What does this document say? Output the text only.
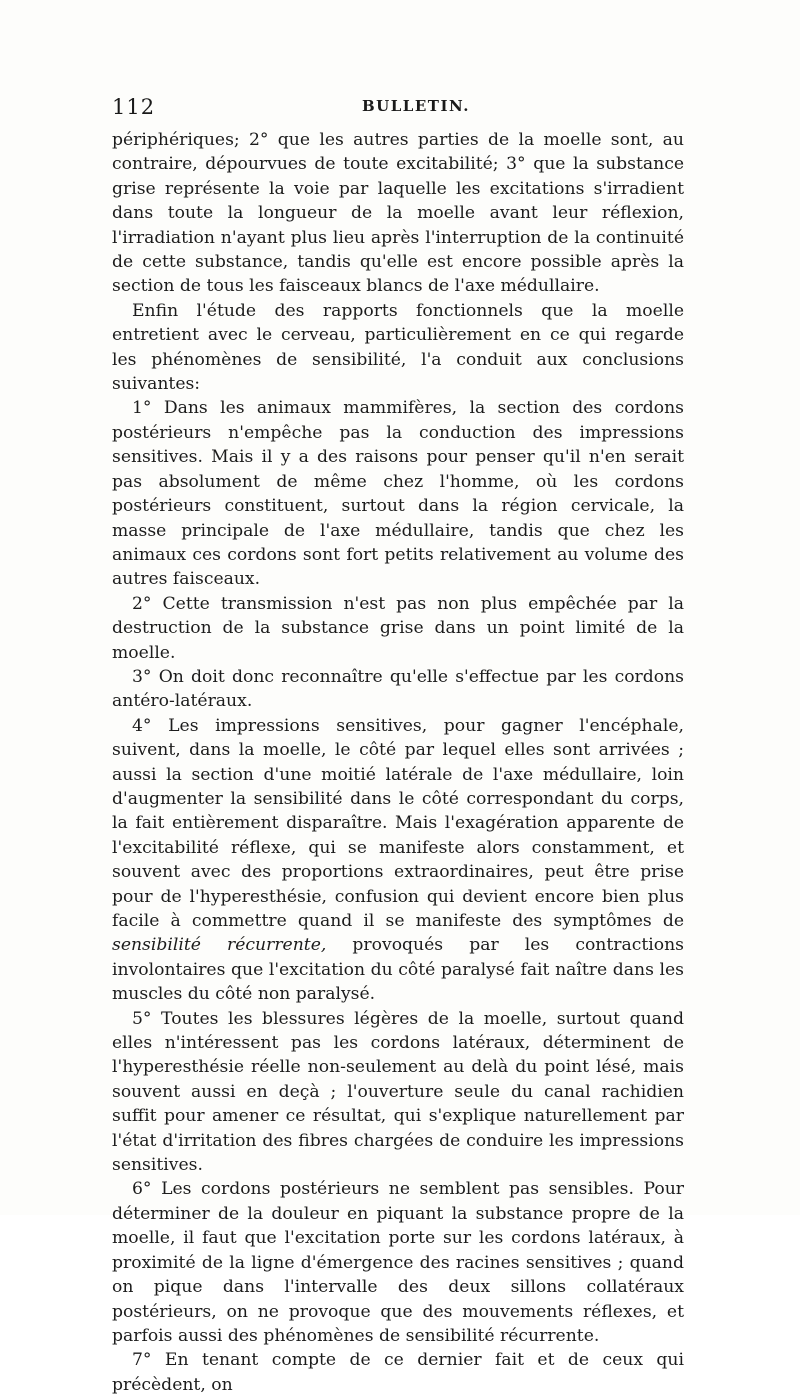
112	BULLETIN.

périphériques; 2° que les autres parties de la moelle sont, au contraire, dépourvues de toute excitabilité; 3° que la substance grise représente la voie par laquelle les excitations s'irradient dans toute la longueur de la moelle avant leur réflexion, l'irradiation n'ayant plus lieu après l'interruption de la continuité de cette substance, tandis qu'elle est encore possible après la section de tous les faisceaux blancs de l'axe médullaire.

Enfin l'étude des rapports fonctionnels que la moelle entretient avec le cerveau, particulièrement en ce qui regarde les phénomènes de sensibilité, l'a conduit aux conclusions suivantes:

1° Dans les animaux mammifères, la section des cordons postérieurs n'empêche pas la conduction des impressions sensitives. Mais il y a des raisons pour penser qu'il n'en serait pas absolument de même chez l'homme, où les cordons postérieurs constituent, surtout dans la région cervicale, la masse principale de l'axe médullaire, tandis que chez les animaux ces cordons sont fort petits relativement au volume des autres faisceaux.

2° Cette transmission n'est pas non plus empêchée par la destruction de la substance grise dans un point limité de la moelle.

3° On doit donc reconnaître qu'elle s'effectue par les cordons antéro-latéraux.

4° Les impressions sensitives, pour gagner l'encéphale, suivent, dans la moelle, le côté par lequel elles sont arrivées ; aussi la section d'une moitié latérale de l'axe médullaire, loin d'augmenter la sensibilité dans le côté correspondant du corps, la fait entièrement disparaître. Mais l'exagération apparente de l'excitabilité réflexe, qui se manifeste alors constamment, et souvent avec des proportions extraordinaires, peut être prise pour de l'hyperesthésie, confusion qui devient encore bien plus facile à commettre quand il se manifeste des symptômes de sensibilité récurrente, provoqués par les contractions involontaires que l'excitation du côté paralysé fait naître dans les muscles du côté non paralysé.

5° Toutes les blessures légères de la moelle, surtout quand elles n'intéressent pas les cordons latéraux, déterminent de l'hyperesthésie réelle non-seulement au delà du point lésé, mais souvent aussi en deçà ; l'ouverture seule du canal rachidien suffit pour amener ce résultat, qui s'explique naturellement par l'état d'irritation des fibres chargées de conduire les impressions sensitives.

6° Les cordons postérieurs ne semblent pas sensibles. Pour déterminer de la douleur en piquant la substance propre de la moelle, il faut que l'excitation porte sur les cordons latéraux, à proximité de la ligne d'émergence des racines sensitives ; quand on pique dans l'intervalle des deux sillons collatéraux postérieurs, on ne provoque que des mouvements réflexes, et parfois aussi des phénomènes de sensibilité récurrente.

7° En tenant compte de ce dernier fait et de ceux qui précèdent, on
